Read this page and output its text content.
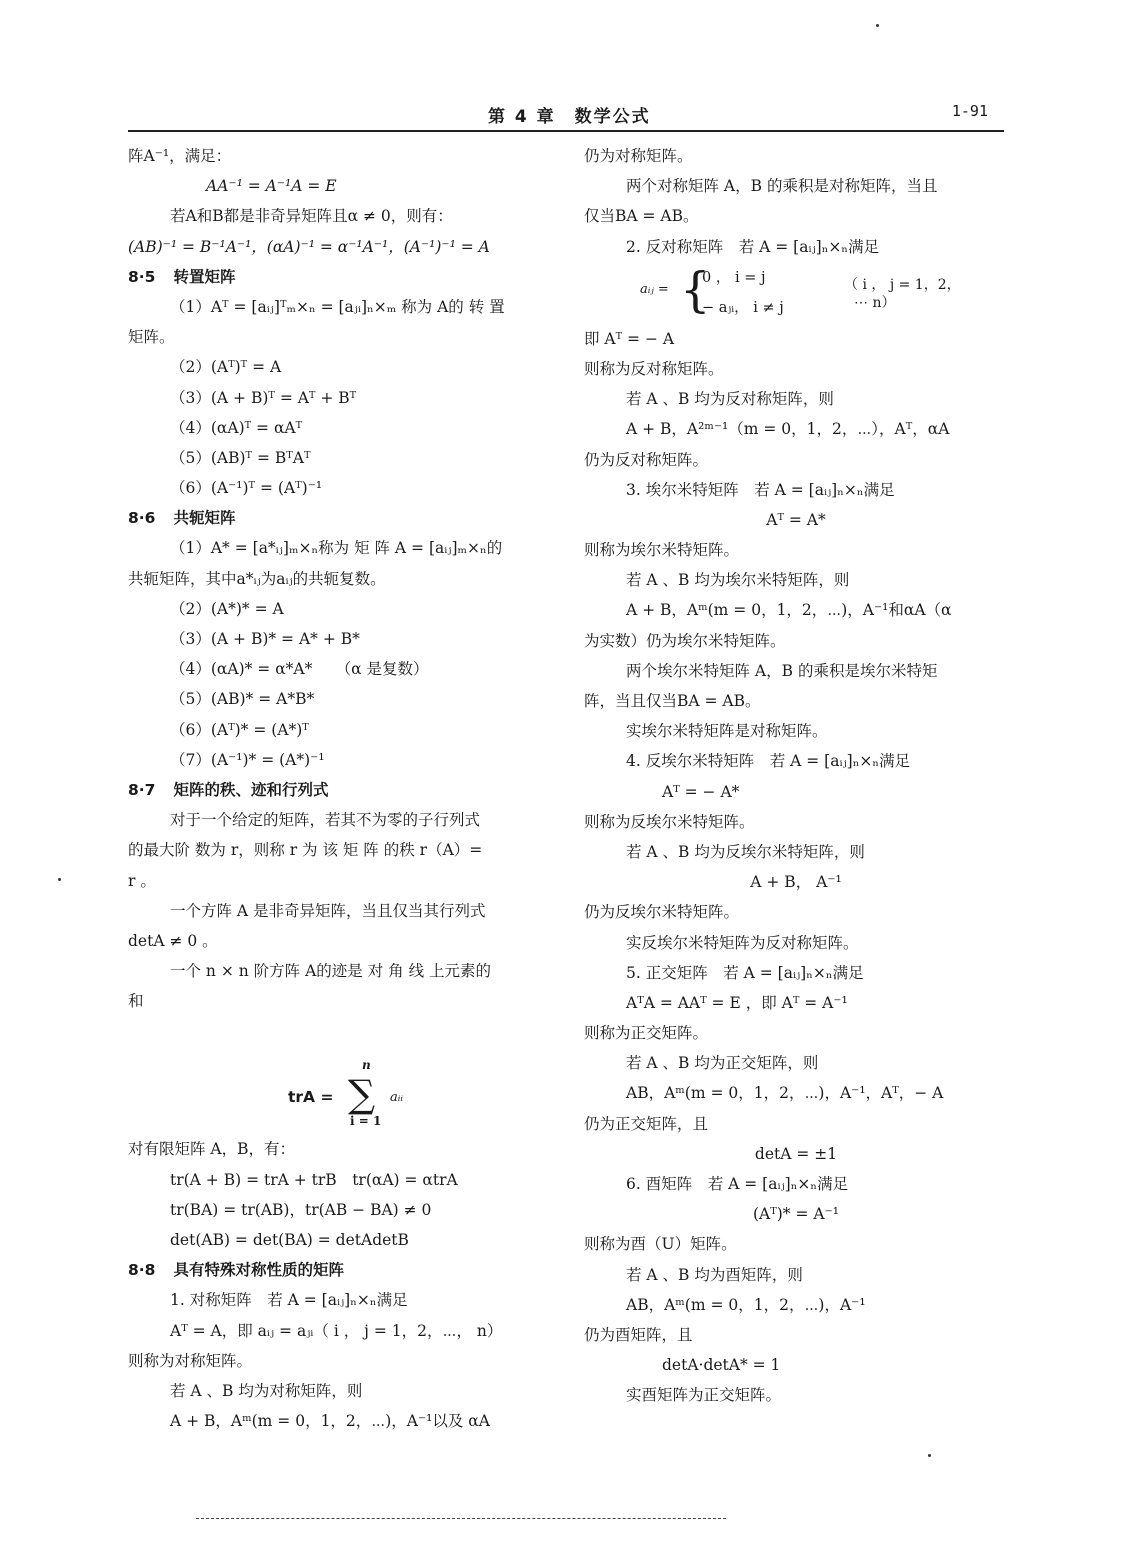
第 4 章　数学公式	1-91
阵A⁻¹，满足：
AA⁻¹ = A⁻¹A = E
若A和B都是非奇异矩阵且α ≠ 0，则有：
(AB)⁻¹ = B⁻¹A⁻¹，(αA)⁻¹ = α⁻¹A⁻¹，(A⁻¹)⁻¹ = A
8·5 转置矩阵
（1）Aᵀ = [aᵢⱼ]ᵀₘ×ₙ = [aⱼᵢ]ₙ×ₘ 称为 A的 转 置
矩阵。
（2）(Aᵀ)ᵀ = A
（3）(A + B)ᵀ = Aᵀ + Bᵀ
（4）(αA)ᵀ = αAᵀ
（5）(AB)ᵀ = BᵀAᵀ
（6）(A⁻¹)ᵀ = (Aᵀ)⁻¹
8·6 共轭矩阵
（1）A* = [a*ᵢⱼ]ₘ×ₙ称为 矩 阵 A = [aᵢⱼ]ₘ×ₙ的
共轭矩阵，其中a*ᵢⱼ为aᵢⱼ的共轭复数。
（2）(A*)* = A
（3）(A + B)* = A* + B*
（4）(αA)* = α*A*　　（α 是复数）
（5）(AB)* = A*B*
（6）(Aᵀ)* = (A*)ᵀ
（7）(A⁻¹)* = (A*)⁻¹
8·7 矩阵的秩、迹和行列式
对于一个给定的矩阵，若其不为零的子行列式
的最大阶 数为 r，则称 r 为 该 矩 阵 的秩 r（A）=
r 。
一个方阵 A 是非奇异矩阵，当且仅当其行列式
detA ≠ 0 。
一个 n × n 阶方阵 A的迹是 对 角 线 上元素的
和
trA =
n
∑
i = 1
aᵢᵢ
对有限矩阵 A，B，有：
tr(A + B) = trA + trB　tr(αA) = αtrA
tr(BA) = tr(AB)，tr(AB − BA) ≠ 0
det(AB) = det(BA) = detAdetB
8·8 具有特殊对称性质的矩阵
1. 对称矩阵　若 A = [aᵢⱼ]ₙ×ₙ满足
Aᵀ = A，即 aᵢⱼ = aⱼᵢ（ i ， j = 1，2，⋯， n）
则称为对称矩阵。
若 A 、B 均为对称矩阵，则
A + B，Aᵐ(m = 0，1，2，⋯)，A⁻¹以及 αA
仍为对称矩阵。
两个对称矩阵 A，B 的乘积是对称矩阵，当且
仅当BA = AB。
2. 反对称矩阵　若 A = [aᵢⱼ]ₙ×ₙ满足
aᵢⱼ = {
0 ， i = j
− aⱼᵢ， i ≠ j
（ i ， j = 1，2，
⋯ n）
即 Aᵀ = − A
则称为反对称矩阵。
若 A 、B 均为反对称矩阵，则
A + B，A²ᵐ⁻¹（m = 0，1，2，⋯），Aᵀ，αA
仍为反对称矩阵。
3. 埃尔米特矩阵　若 A = [aᵢⱼ]ₙ×ₙ满足
Aᵀ = A*
则称为埃尔米特矩阵。
若 A 、B 均为埃尔米特矩阵，则
A + B，Aᵐ(m = 0，1，2，⋯)，A⁻¹和αA（α
为实数）仍为埃尔米特矩阵。
两个埃尔米特矩阵 A，B 的乘积是埃尔米特矩
阵，当且仅当BA = AB。
实埃尔米特矩阵是对称矩阵。
4. 反埃尔米特矩阵　若 A = [aᵢⱼ]ₙ×ₙ满足
Aᵀ = − A*
则称为反埃尔米特矩阵。
若 A 、B 均为反埃尔米特矩阵，则
A + B， A⁻¹
仍为反埃尔米特矩阵。
实反埃尔米特矩阵为反对称矩阵。
5. 正交矩阵　若 A = [aᵢⱼ]ₙ×ₙ满足
AᵀA = AAᵀ = E ，即 Aᵀ = A⁻¹
则称为正交矩阵。
若 A 、B 均为正交矩阵，则
AB，Aᵐ(m = 0，1，2，⋯)，A⁻¹，Aᵀ，− A
仍为正交矩阵，且
detA = ±1
6. 酉矩阵　若 A = [aᵢⱼ]ₙ×ₙ满足
(Aᵀ)* = A⁻¹
则称为酉（U）矩阵。
若 A 、B 均为酉矩阵，则
AB，Aᵐ(m = 0，1，2，⋯)，A⁻¹
仍为酉矩阵，且
detA·detA* = 1
实酉矩阵为正交矩阵。
